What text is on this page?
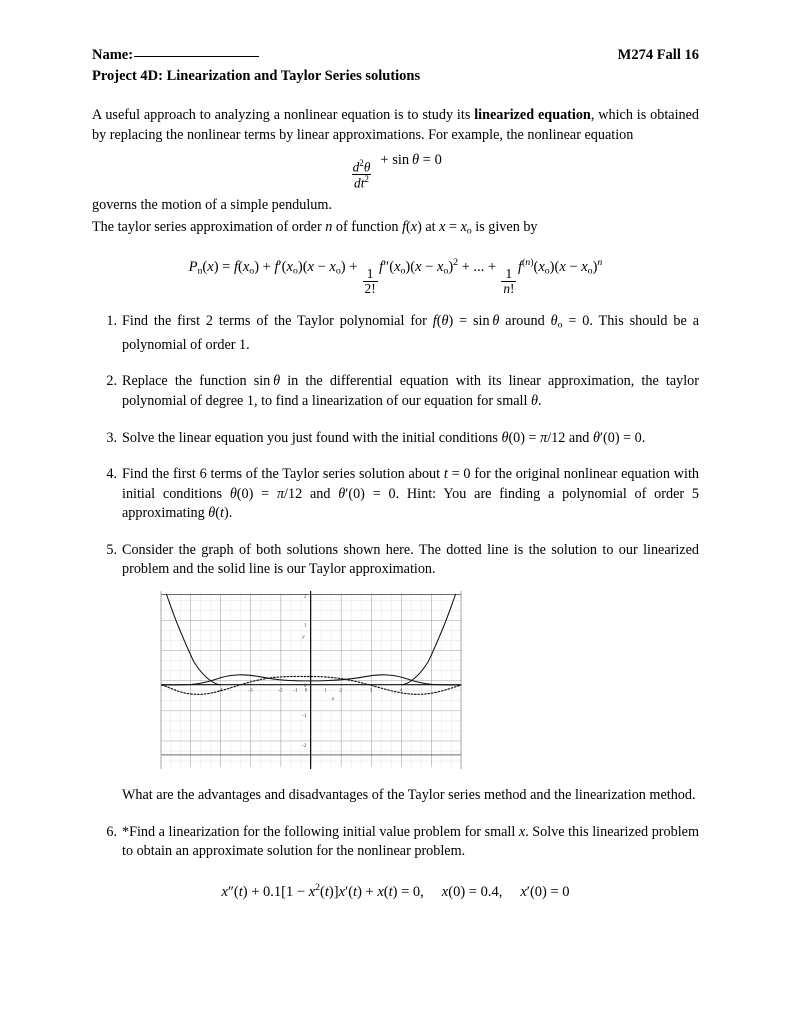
Name:	M274 Fall 16
Project 4D: Linearization and Taylor Series solutions
A useful approach to analyzing a nonlinear equation is to study its linearized equation, which is obtained by replacing the nonlinear terms by linear approximations. For example, the nonlinear equation
$\frac{d^2\theta}{dt^2} + \sin \theta = 0$
governs the motion of a simple pendulum.
The taylor series approximation of order n of function f(x) at $x = x_o$ is given by
$P_n(x) = f(x_o) + f'(x_o)(x - x_o)$ +
$\frac{1}{2!}$
$f''(x_o)(x - x_o)^2$ + ... +
$\frac{1}{n!}$
$f^{(n)}(x_o)(x - x_o)^n$
1. Find the first 2 terms of the Taylor polynomial for f(θ) = sin θ around $\theta_o = 0$. This should be a polynomial of order 1.
2. Replace the function sin θ in the differential equation with its linear approximation, the taylor polynomial of degree 1, to find a linearization of our equation for small θ.
3. Solve the linear equation you just found with the initial conditions θ(0) = π/12 and θ′(0) = 0.
4. Find the first 6 terms of the Taylor series solution about t = 0 for the original nonlinear equation with initial conditions θ(0) = π/12 and θ′(0) = 0. Hint: You are finding a polynomial of order 5 approximating θ(t).
5. Consider the graph of both solutions shown here. The dotted line is the solution to our linearized problem and the solid line is our Taylor approximation.
-4	-3	-2 -1 0	1 2	3	4
2
1
0
-1
-2
y
x
What are the advantages and disadvantages of the Taylor series method and the linearization method.
6. *Find a linearization for the following initial value problem for small x. Solve this linearized problem to obtain an approximate solution for the nonlinear problem.
$x''(t) + 0.1[1 - x^2(t)]x'(t) + x(t) = 0$, x(0) = 0.4, x′(0) = 0
